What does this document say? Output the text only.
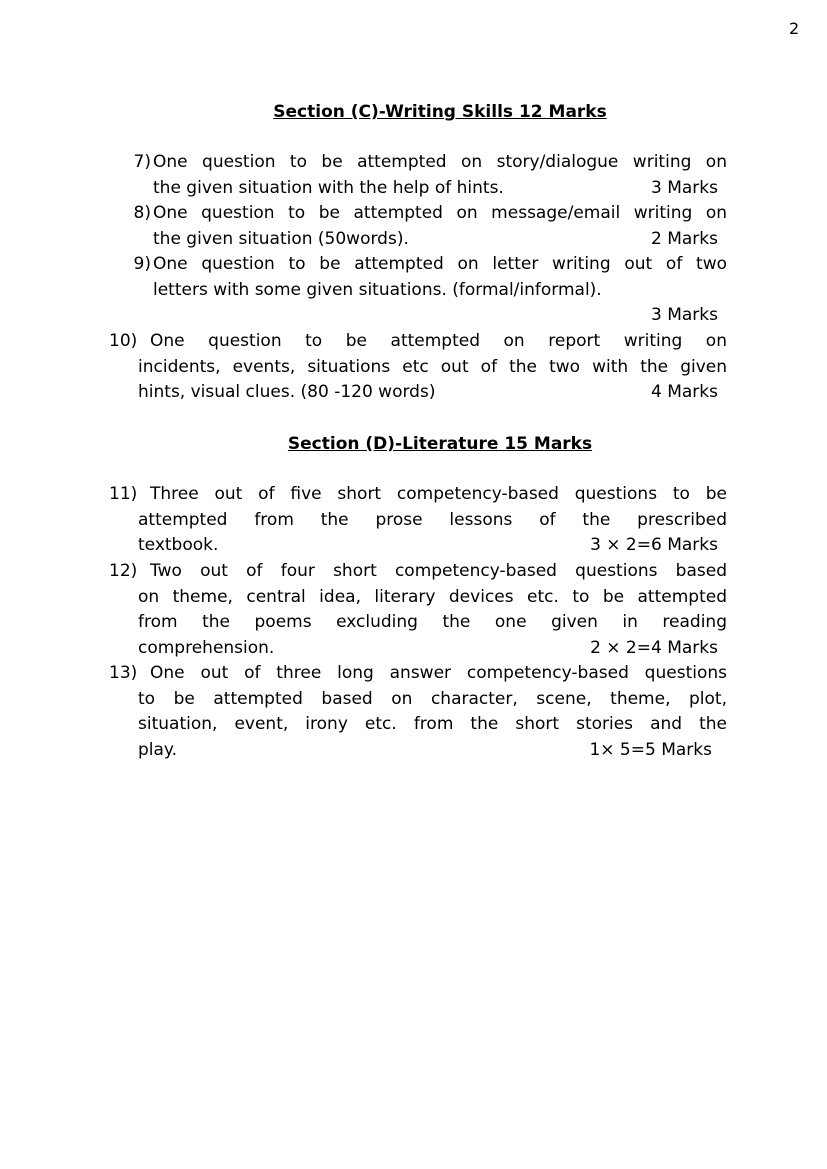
2
Section (C)-Writing Skills 12 Marks
7) One question to be attempted on story/dialogue writing on
the given situation with the help of hints.	3 Marks
8) One question to be attempted on message/email writing on
the given situation (50words).	2 Marks
9) One question to be attempted on letter writing out of two
letters with some given situations. (formal/informal).
3 Marks
10) One question to be attempted on report writing on
incidents, events, situations etc out of the two with the given
hints, visual clues. (80 -120 words)	4 Marks
Section (D)-Literature 15 Marks
11) Three out of five short competency-based questions to be
attempted from the prose lessons of the prescribed
textbook.	3 × 2=6 Marks
12) Two out of four short competency-based questions based
on theme, central idea, literary devices etc. to be attempted
from the poems excluding the one given in reading
comprehension.	2 × 2=4 Marks
13) One out of three long answer competency-based questions
to be attempted based on character, scene, theme, plot,
situation, event, irony etc. from the short stories and the
play.	1× 5=5 Marks
